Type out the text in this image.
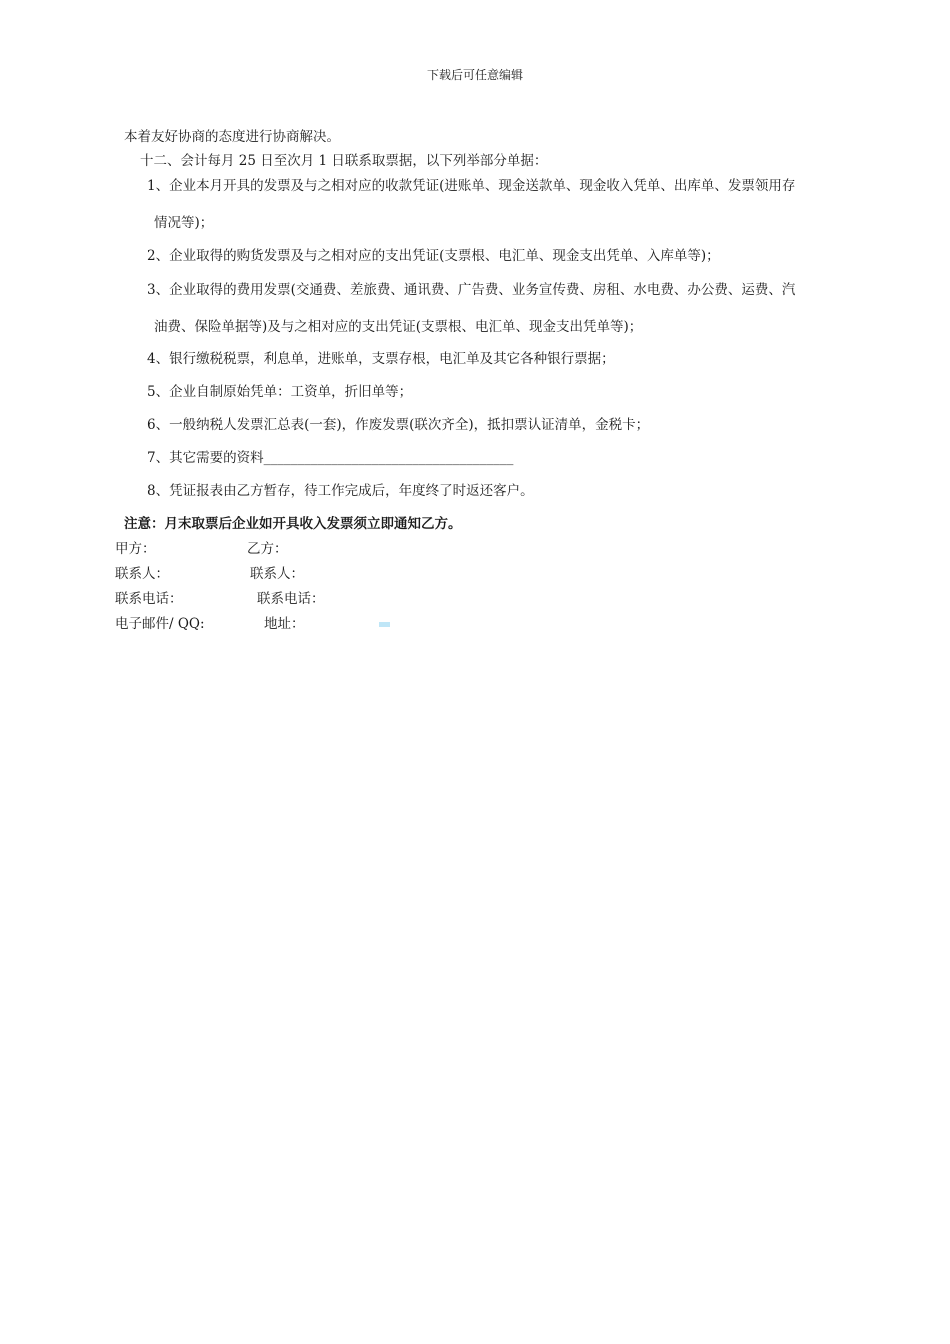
下载后可任意编辑
本着友好协商的态度进行协商解决。
十二、会计每月 25 日至次月 1 日联系取票据，以下列举部分单据：
1、企业本月开具的发票及与之相对应的收款凭证(进账单、现金送款单、现金收入凭单、出库单、发票领用存
情况等)；
2、企业取得的购货发票及与之相对应的支出凭证(支票根、电汇单、现金支出凭单、入库单等)；
3、企业取得的费用发票(交通费、差旅费、通讯费、广告费、业务宣传费、房租、水电费、办公费、运费、汽
油费、保险单据等)及与之相对应的支出凭证(支票根、电汇单、现金支出凭单等)；
4、银行缴税税票，利息单，进账单，支票存根，电汇单及其它各种银行票据；
5、企业自制原始凭单：工资单，折旧单等；
6、一般纳税人发票汇总表(一套)，作废发票(联次齐全)，抵扣票认证清单，金税卡；
7、其它需要的资料_____________________________________
8、凭证报表由乙方暂存，待工作完成后，年度终了时返还客户。
注意：月末取票后企业如开具收入发票须立即通知乙方。
甲方：	乙方：
联系人：	联系人：
联系电话：	联系电话：
电子邮件/ QQ:	地址：
